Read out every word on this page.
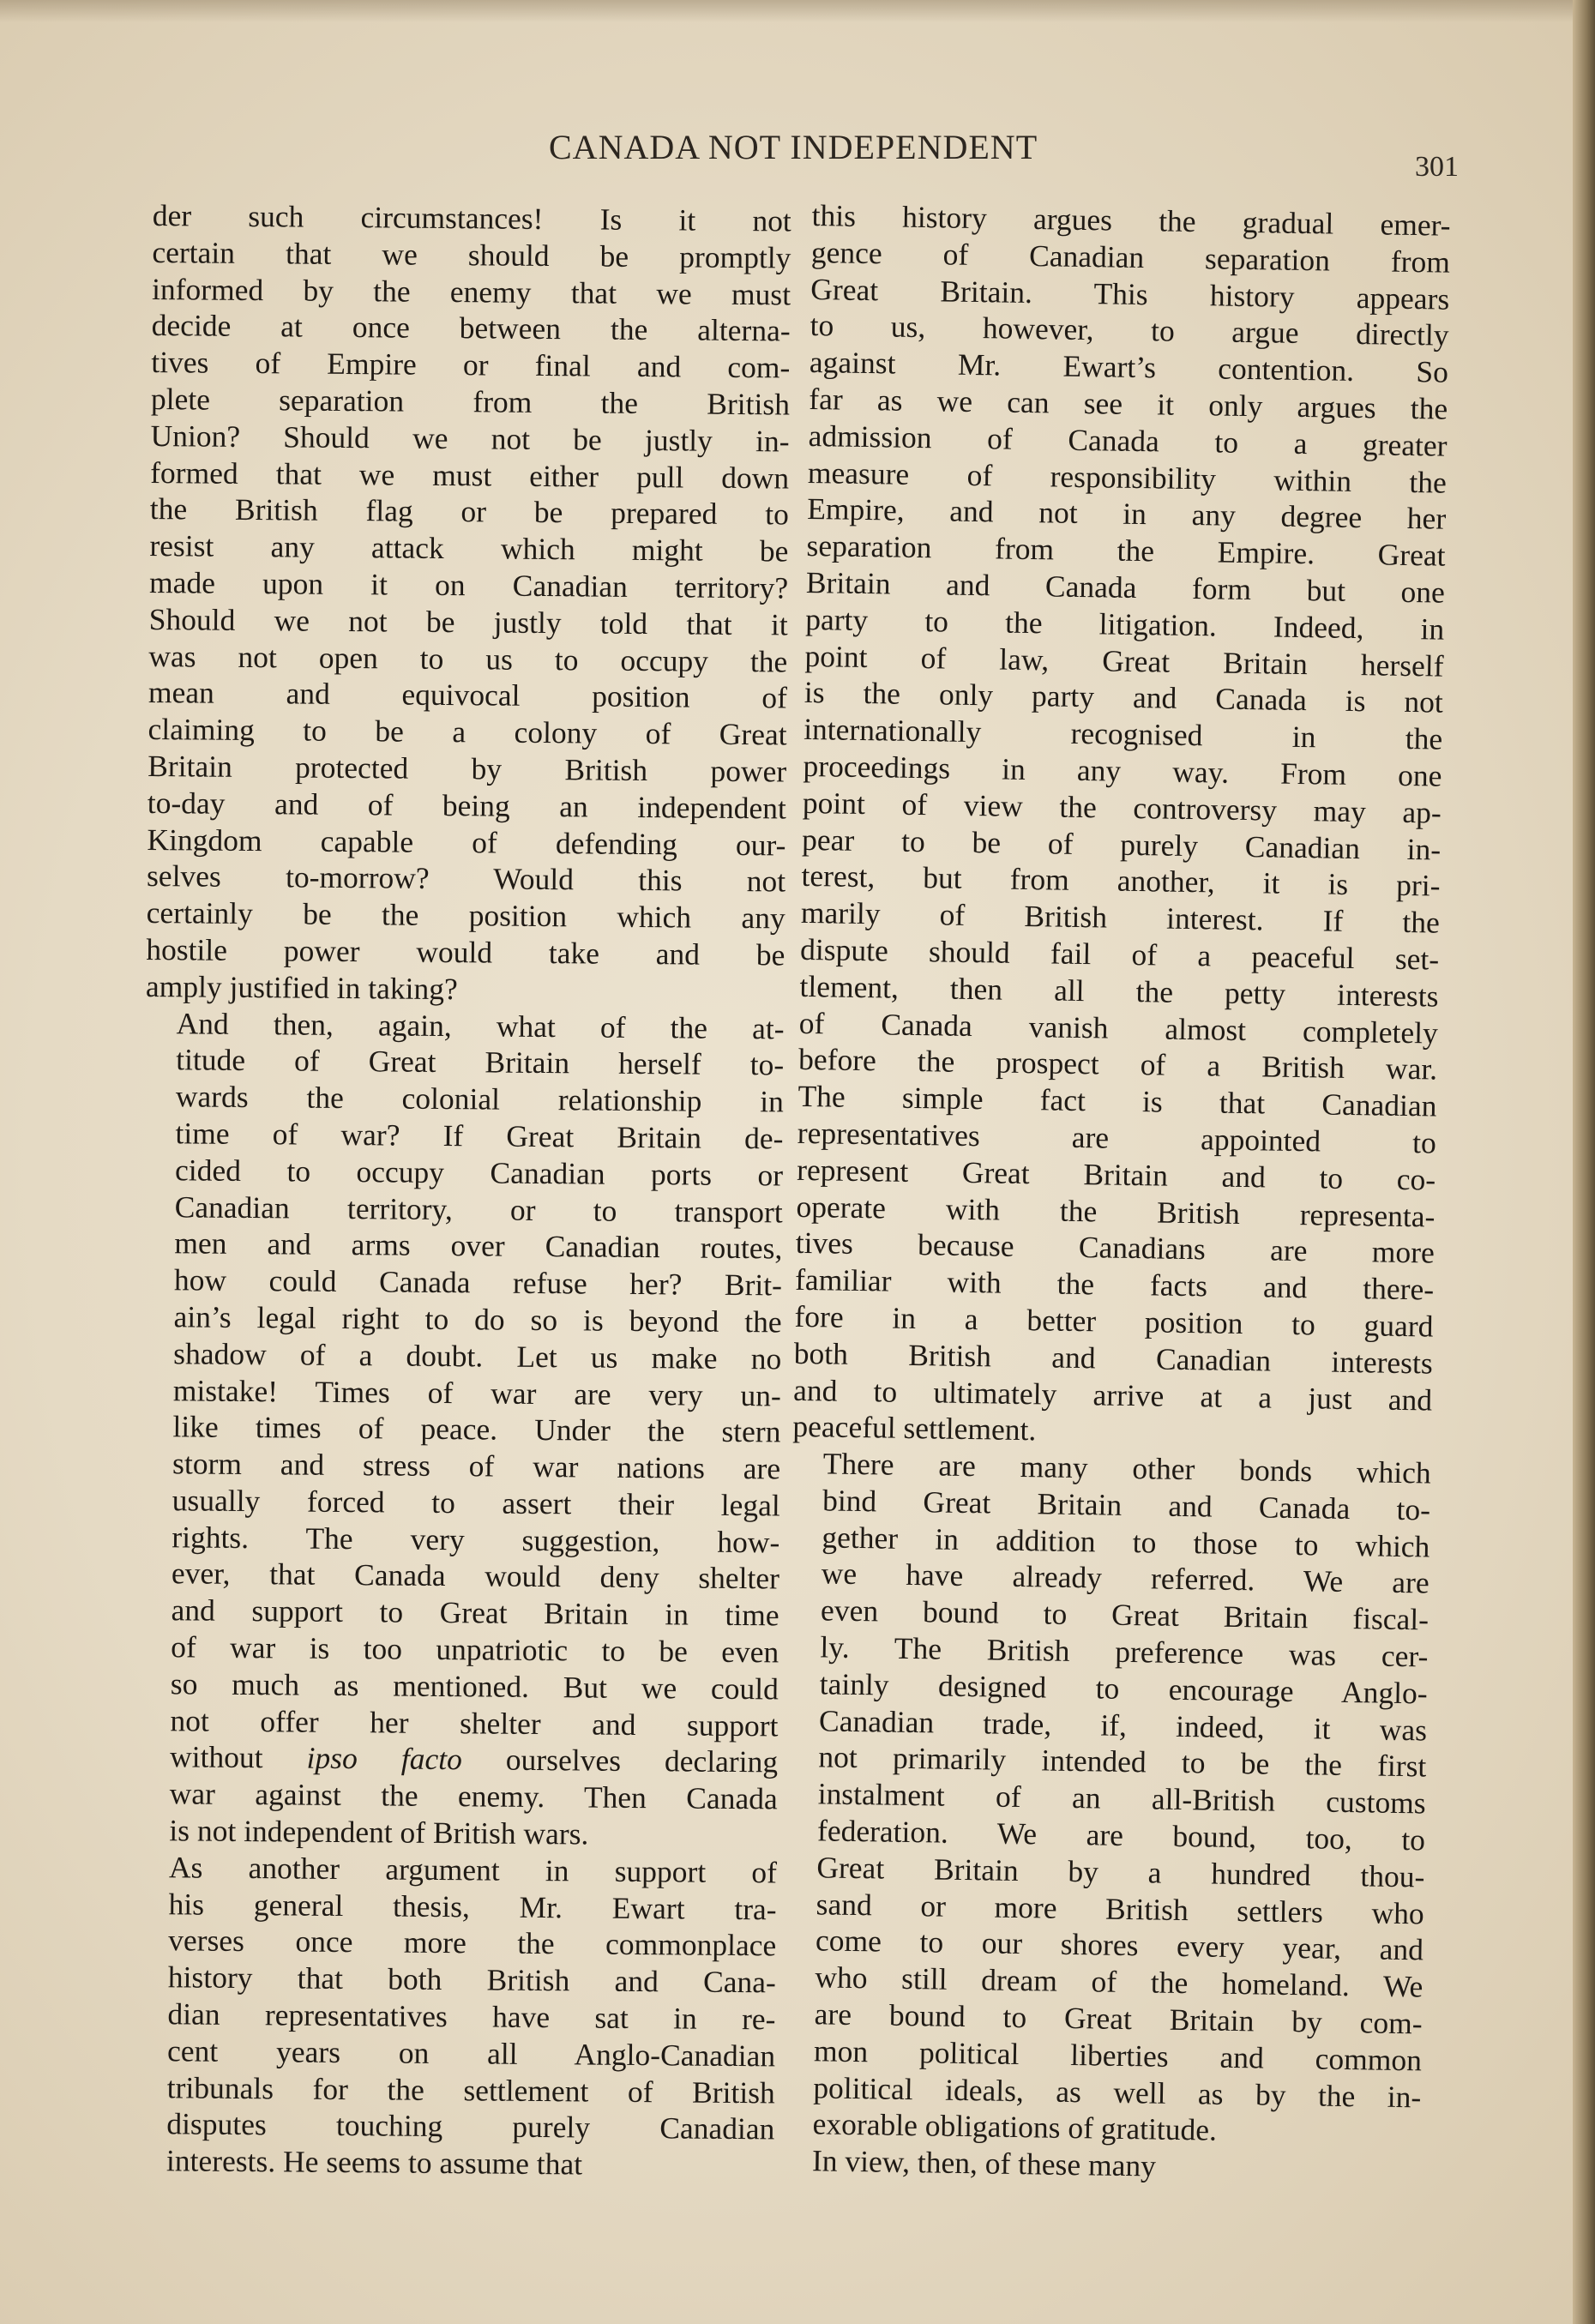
CANADA NOT INDEPENDENT
301

der such circumstances! Is it not
certain that we should be promptly
informed by the enemy that we must
decide at once between the alterna-
tives of Empire or final and com-
plete separation from the British
Union? Should we not be justly in-
formed that we must either pull down
the British flag or be prepared to
resist any attack which might be
made upon it on Canadian territory?
Should we not be justly told that it
was not open to us to occupy the
mean and equivocal position of
claiming to be a colony of Great
Britain protected by British power
to-day and of being an independent
Kingdom capable of defending our-
selves to-morrow? Would this not
certainly be the position which any
hostile power would take and be
amply justified in taking?

And then, again, what of the at-
titude of Great Britain herself to-
wards the colonial relationship in
time of war? If Great Britain de-
cided to occupy Canadian ports or
Canadian territory, or to transport
men and arms over Canadian routes,
how could Canada refuse her? Brit-
ain’s legal right to do so is beyond the
shadow of a doubt. Let us make no
mistake! Times of war are very un-
like times of peace. Under the stern
storm and stress of war nations are
usually forced to assert their legal
rights. The very suggestion, how-
ever, that Canada would deny shelter
and support to Great Britain in time
of war is too unpatriotic to be even
so much as mentioned. But we could
not offer her shelter and support
without ipso facto ourselves declaring
war against the enemy. Then Canada
is not independent of British wars.

As another argument in support of
his general thesis, Mr. Ewart tra-
verses once more the commonplace
history that both British and Cana-
dian representatives have sat in re-
cent years on all Anglo-Canadian
tribunals for the settlement of British
disputes touching purely Canadian
interests. He seems to assume that

this history argues the gradual emer-
gence of Canadian separation from
Great Britain. This history appears
to us, however, to argue directly
against Mr. Ewart’s contention. So
far as we can see it only argues the
admission of Canada to a greater
measure of responsibility within the
Empire, and not in any degree her
separation from the Empire. Great
Britain and Canada form but one
party to the litigation. Indeed, in
point of law, Great Britain herself
is the only party and Canada is not
internationally recognised in the
proceedings in any way. From one
point of view the controversy may ap-
pear to be of purely Canadian in-
terest, but from another, it is pri-
marily of British interest. If the
dispute should fail of a peaceful set-
tlement, then all the petty interests
of Canada vanish almost completely
before the prospect of a British war.
The simple fact is that Canadian
representatives are appointed to
represent Great Britain and to co-
operate with the British representa-
tives because Canadians are more
familiar with the facts and there-
fore in a better position to guard
both British and Canadian interests
and to ultimately arrive at a just and
peaceful settlement.

There are many other bonds which
bind Great Britain and Canada to-
gether in addition to those to which
we have already referred. We are
even bound to Great Britain fiscal-
ly. The British preference was cer-
tainly designed to encourage Anglo-
Canadian trade, if, indeed, it was
not primarily intended to be the first
instalment of an all-British customs
federation. We are bound, too, to
Great Britain by a hundred thou-
sand or more British settlers who
come to our shores every year, and
who still dream of the homeland. We
are bound to Great Britain by com-
mon political liberties and common
political ideals, as well as by the in-
exorable obligations of gratitude.

In view, then, of these many
